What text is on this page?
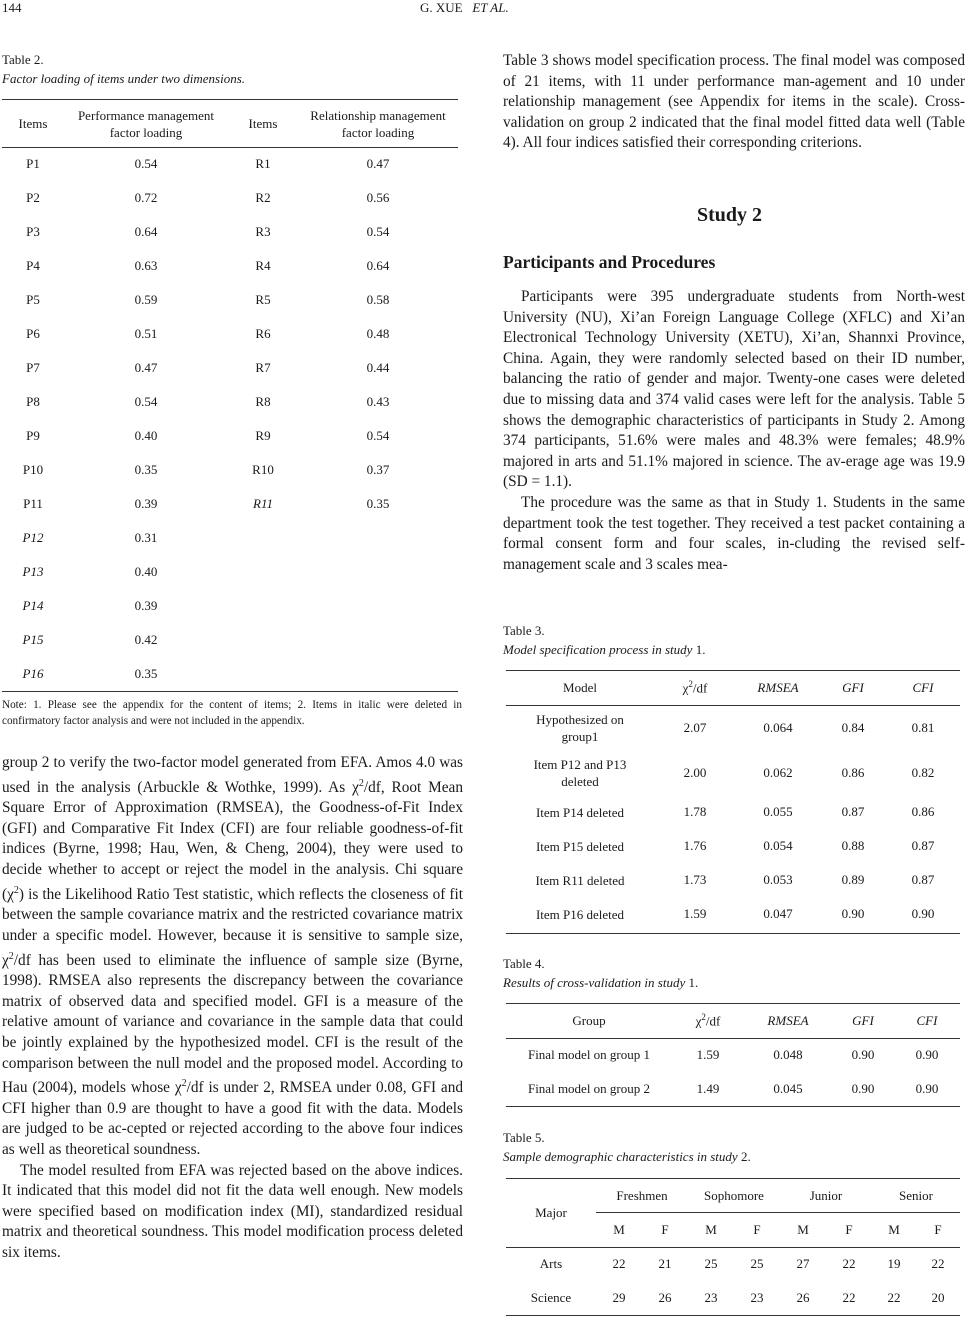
144	G. XUE ET AL.
Table 2.
Factor loading of items under two dimensions.
Items	Performance management factor loading	Items	Relationship management factor loading
P1	0.54	R1	0.47
P2	0.72	R2	0.56
P3	0.64	R3	0.54
P4	0.63	R4	0.64
P5	0.59	R5	0.58
P6	0.51	R6	0.48
P7	0.47	R7	0.44
P8	0.54	R8	0.43
P9	0.40	R9	0.54
P10	0.35	R10	0.37
P11	0.39	R11	0.35
P12	0.31		
P13	0.40		
P14	0.39		
P15	0.42		
P16	0.35		
Note: 1. Please see the appendix for the content of items; 2. Items in italic were deleted in confirmatory factor analysis and were not included in the appendix.

group 2 to verify the two-factor model generated from EFA. Amos 4.0 was used in the analysis (Arbuckle & Wothke, 1999). As $\chi^2/df$, Root Mean Square Error of Approximation (RMSEA), the Goodness-of-Fit Index (GFI) and Comparative Fit Index (CFI) are four reliable goodness-of-fit indices (Byrne, 1998; Hau, Wen, & Cheng, 2004), they were used to decide whether to accept or reject the model in the analysis. Chi square $(\chi^2)$ is the Likelihood Ratio Test statistic, which reflects the closeness of fit between the sample covariance matrix and the restricted covariance matrix under a specific model. However, because it is sensitive to sample size, $\chi^2/df$ has been used to eliminate the influence of sample size (Byrne, 1998). RMSEA also represents the discrepancy between the covariance matrix of observed data and specified model. GFI is a measure of the relative amount of variance and covariance in the sample data that could be jointly explained by the hypothesized model. CFI is the result of the comparison between the null model and the proposed model. According to Hau (2004), models whose $\chi^2/df$ is under 2, RMSEA under 0.08, GFI and CFI higher than 0.9 are thought to have a good fit with the data. Models are judged to be ac-cepted or rejected according to the above four indices as well as theoretical soundness.

The model resulted from EFA was rejected based on the above indices. It indicated that this model did not fit the data well enough. New models were specified based on modification index (MI), standardized residual matrix and theoretical soundness. This model modification process deleted six items.

Table 3 shows model specification process. The final model was composed of 21 items, with 11 under performance man-agement and 10 under relationship management (see Appendix for items in the scale). Cross-validation on group 2 indicated that the final model fitted data well (Table 4). All four indices satisfied their corresponding criterions.
Study 2
Participants and Procedures

Participants were 395 undergraduate students from North-west University (NU), Xi’an Foreign Language College (XFLC) and Xi’an Electronical Technology University (XETU), Xi’an, Shannxi Province, China. Again, they were randomly selected based on their ID number, balancing the ratio of gender and major. Twenty-one cases were deleted due to missing data and 374 valid cases were left for the analysis. Table 5 shows the demographic characteristics of participants in Study 2. Among 374 participants, 51.6% were males and 48.3% were females; 48.9% majored in arts and 51.1% majored in science. The av-erage age was 19.9 (SD = 1.1).

The procedure was the same as that in Study 1. Students in the same department took the test together. They received a test packet containing a formal consent form and four scales, in-cluding the revised self-management scale and 3 scales mea-

Table 3.
Model specification process in study 1.
Model	$\chi^2/df$	RMSEA	GFI	CFI

Hypothesized on
group1	2.07	0.064	0.84	0.81

Item P12 and P13
deleted	2.00	0.062	0.86	0.82

Item P14 deleted	1.78	0.055	0.87	0.86

Item P15 deleted	1.76	0.054	0.88	0.87

Item R11 deleted	1.73	0.053	0.89	0.87

Item P16 deleted	1.59	0.047	0.90	0.90
Table 4.
Results of cross-validation in study 1.
Group	$\chi^2/df$	RMSEA	GFI	CFI
Final model on group 1	1.59	0.048	0.90	0.90
Final model on group 2	1.49	0.045	0.90	0.90
Table 5.
Sample demographic characteristics in study 2.
Major	Freshmen		Sophomore		Junior		Senior	
	M	F	M	F	M	F	M	F
Arts	22	21	25	25	27	22	19	22
Science	29	26	23	23	26	22	22	20
